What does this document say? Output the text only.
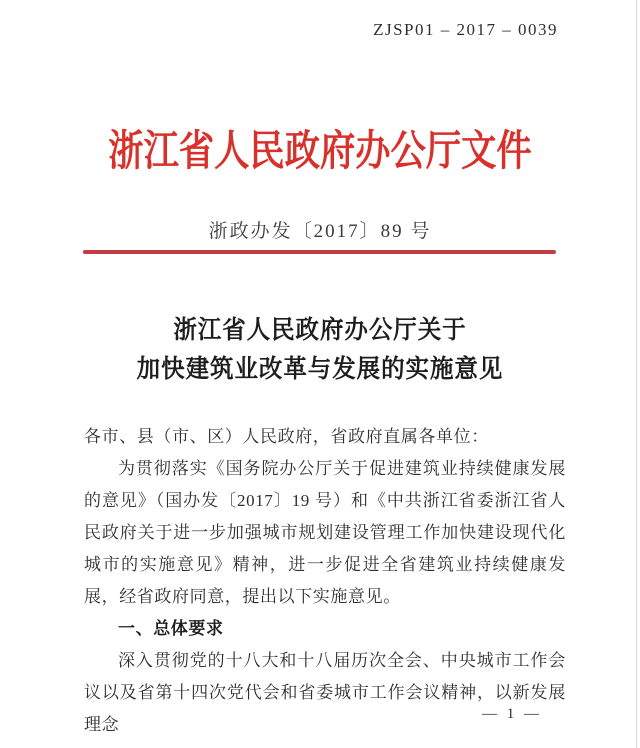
ZJSP01 – 2017 – 0039
浙江省人民政府办公厅文件
浙政办发〔2017〕89 号
浙江省人民政府办公厅关于
加快建筑业改革与发展的实施意见

各市、县（市、区）人民政府，省政府直属各单位：

为贯彻落实《国务院办公厅关于促进建筑业持续健康发展的意见》（国办发〔2017〕19 号）和《中共浙江省委浙江省人民政府关于进一步加强城市规划建设管理工作加快建设现代化城市的实施意见》精神，进一步促进全省建筑业持续健康发展，经省政府同意，提出以下实施意见。

一、总体要求

深入贯彻党的十八大和十八届历次全会、中央城市工作会议以及省第十四次党代会和省委城市工作会议精神，以新发展理念

— 1 —
